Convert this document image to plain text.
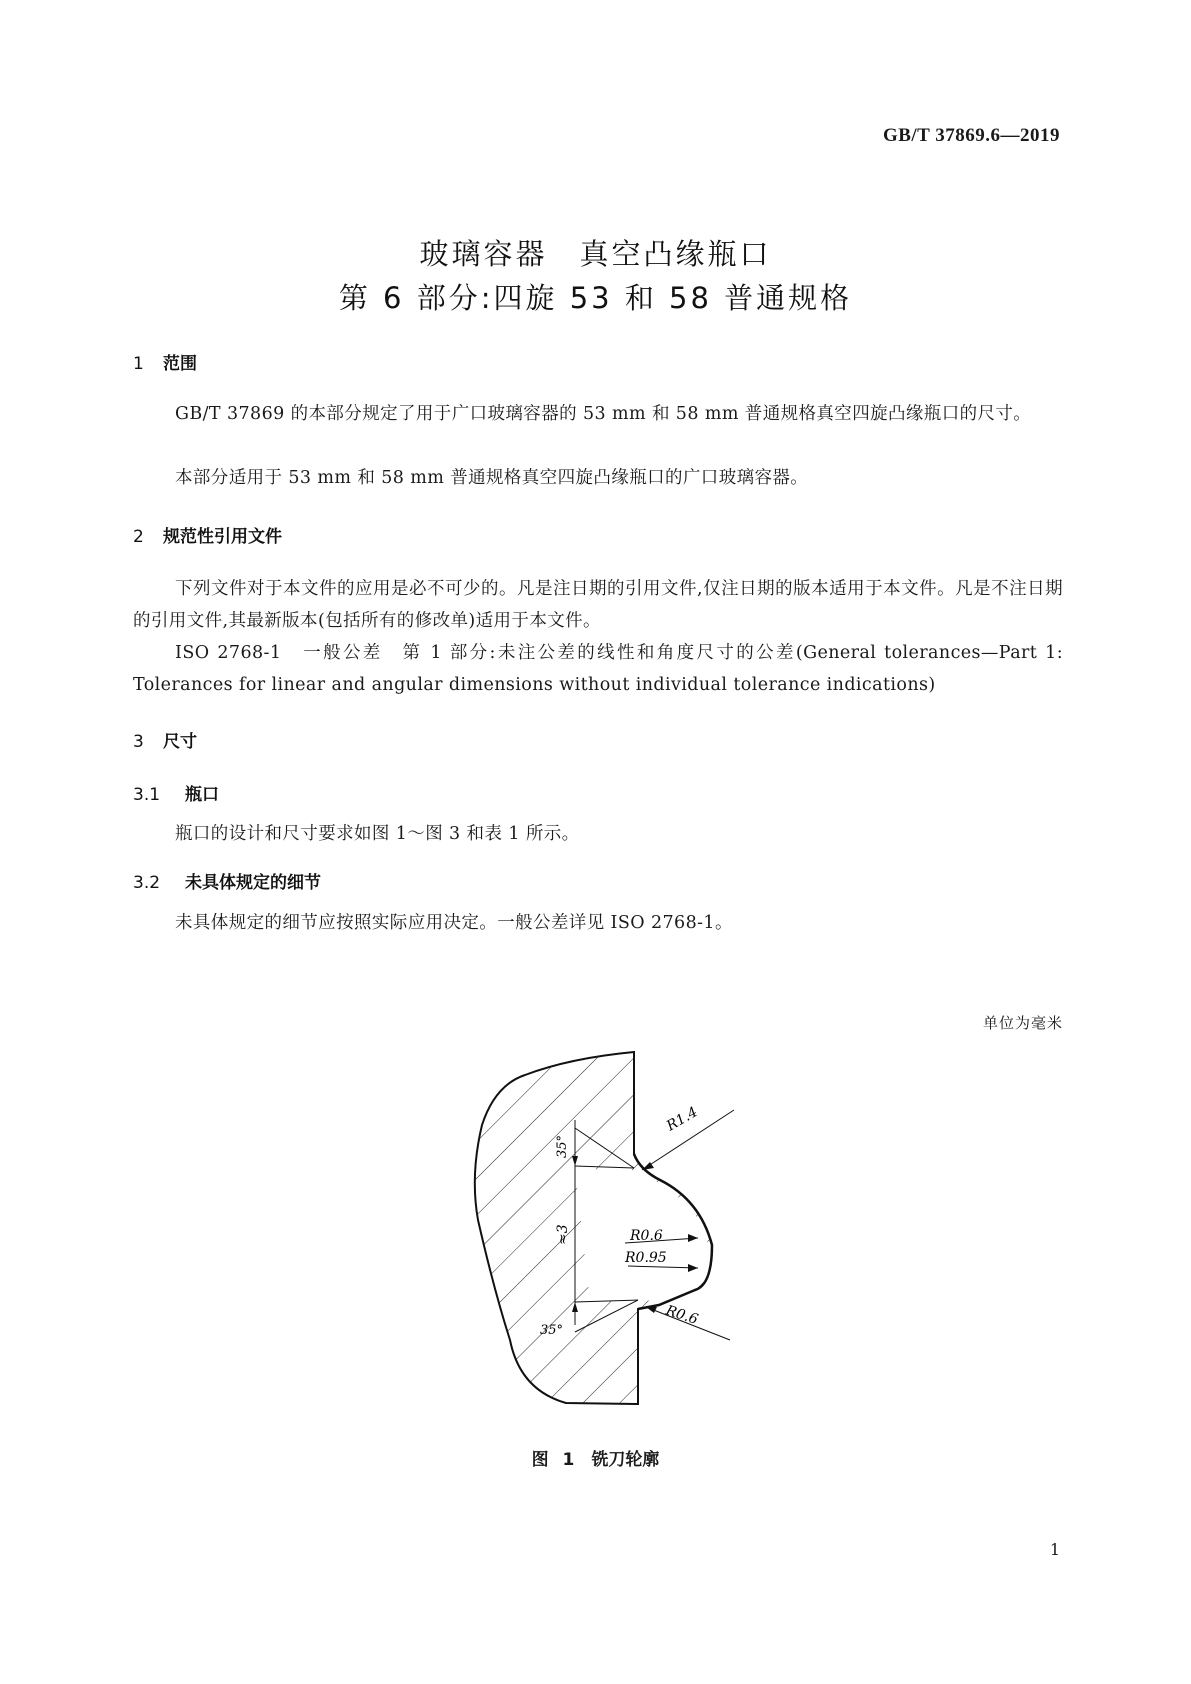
GB/T 37869.6—2019
玻璃容器　真空凸缘瓶口
第 6 部分:四旋 53 和 58 普通规格
1 范围
GB/T 37869 的本部分规定了用于广口玻璃容器的 53 mm 和 58 mm 普通规格真空四旋凸缘瓶口的尺寸。
本部分适用于 53 mm 和 58 mm 普通规格真空四旋凸缘瓶口的广口玻璃容器。
2 规范性引用文件
下列文件对于本文件的应用是必不可少的。凡是注日期的引用文件,仅注日期的版本适用于本文件。凡是不注日期的引用文件,其最新版本(包括所有的修改单)适用于本文件。
ISO 2768-1　一般公差　第 1 部分:未注公差的线性和角度尺寸的公差(General tolerances—Part 1: Tolerances for linear and angular dimensions without individual tolerance indications)
3 尺寸
3.1 瓶口
瓶口的设计和尺寸要求如图 1～图 3 和表 1 所示。
3.2 未具体规定的细节
未具体规定的细节应按照实际应用决定。一般公差详见 ISO 2768-1。
单位为毫米
R1.4
R0.6
R0.95
R0.6
35°
35°
≈3
图 1　铣刀轮廓
1
